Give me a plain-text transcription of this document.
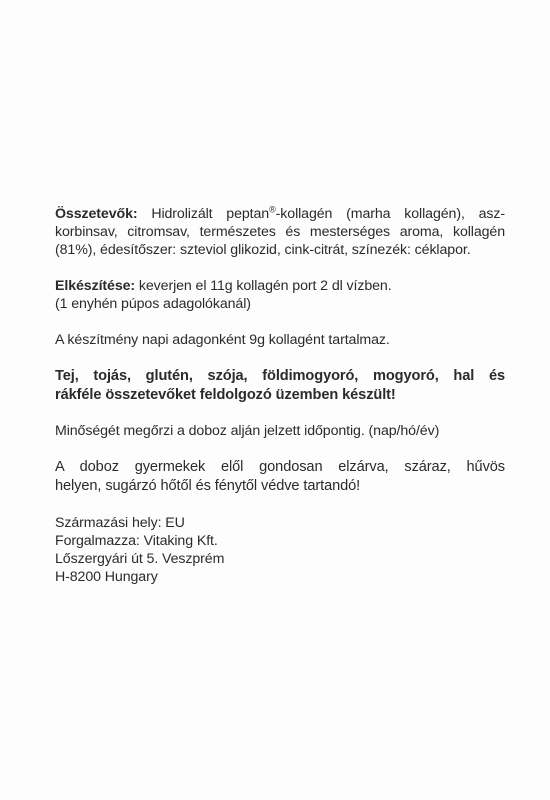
Összetevők: Hidrolizált peptan®-kollagén (marha kollagén), asz-
korbinsav, citromsav, természetes és mesterséges aroma, kollagén
(81%), édesítőszer: szteviol glikozid, cink-citrát, színezék: céklapor.

Elkészítése: keverjen el 11g kollagén port 2 dl vízben.
(1 enyhén púpos adagolókanál)

A készítmény napi adagonként 9g kollagént tartalmaz.

Tej, tojás, glutén, szója, földimogyoró, mogyoró, hal és
rákféle összetevőket feldolgozó üzemben készült!

Minőségét megőrzi a doboz alján jelzett időpontig. (nap/hó/év)

A doboz gyermekek elől gondosan elzárva, száraz, hűvös
helyen, sugárzó hőtől és fénytől védve tartandó!

Származási hely: EU
Forgalmazza: Vitaking Kft.
Lőszergyári út 5. Veszprém
H-8200 Hungary
